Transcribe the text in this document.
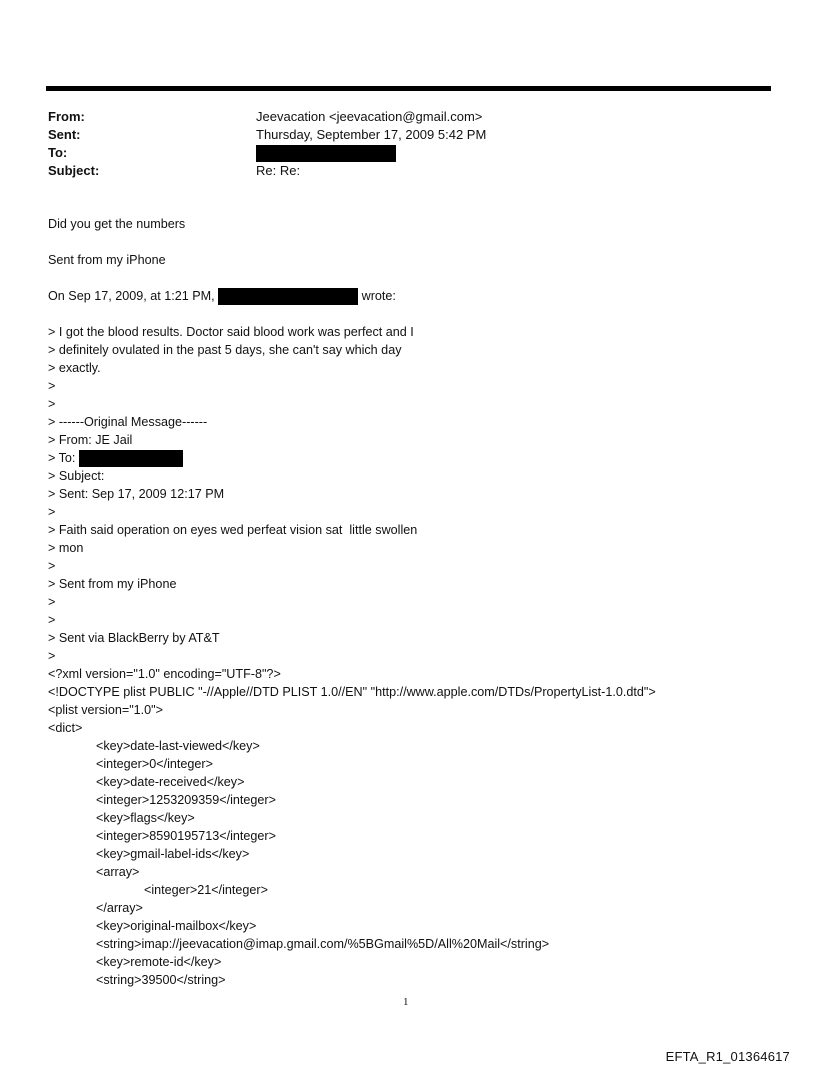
From:	Jeevacation <jeevacation@gmail.com>
Sent:	Thursday, September 17, 2009 5:42 PM
To:
Subject:	Re: Re:
Did you get the numbers
Sent from my iPhone
On Sep 17, 2009, at 1:21 PM,	wrote:
> I got the blood results. Doctor said blood work was perfect and I
> definitely ovulated in the past 5 days, she can't say which day
> exactly.
>
>
> ------Original Message------
> From: JE Jail
> To:
> Subject:
> Sent: Sep 17, 2009 12:17 PM
>
> Faith said operation on eyes wed perfeat vision sat  little swollen
> mon
>
> Sent from my iPhone
>
>
> Sent via BlackBerry by AT&T
>
<?xml version="1.0" encoding="UTF-8"?>
<!DOCTYPE plist PUBLIC "-//Apple//DTD PLIST 1.0//EN" "http://www.apple.com/DTDs/PropertyList-1.0.dtd">
<plist version="1.0">
<dict>
<key>date-last-viewed</key>
<integer>0</integer>
<key>date-received</key>
<integer>1253209359</integer>
<key>flags</key>
<integer>8590195713</integer>
<key>gmail-label-ids</key>
<array>
<integer>21</integer>
</array>
<key>original-mailbox</key>
<string>imap://jeevacation@imap.gmail.com/%5BGmail%5D/All%20Mail</string>
<key>remote-id</key>
<string>39500</string>
1
EFTA_R1_01364617
